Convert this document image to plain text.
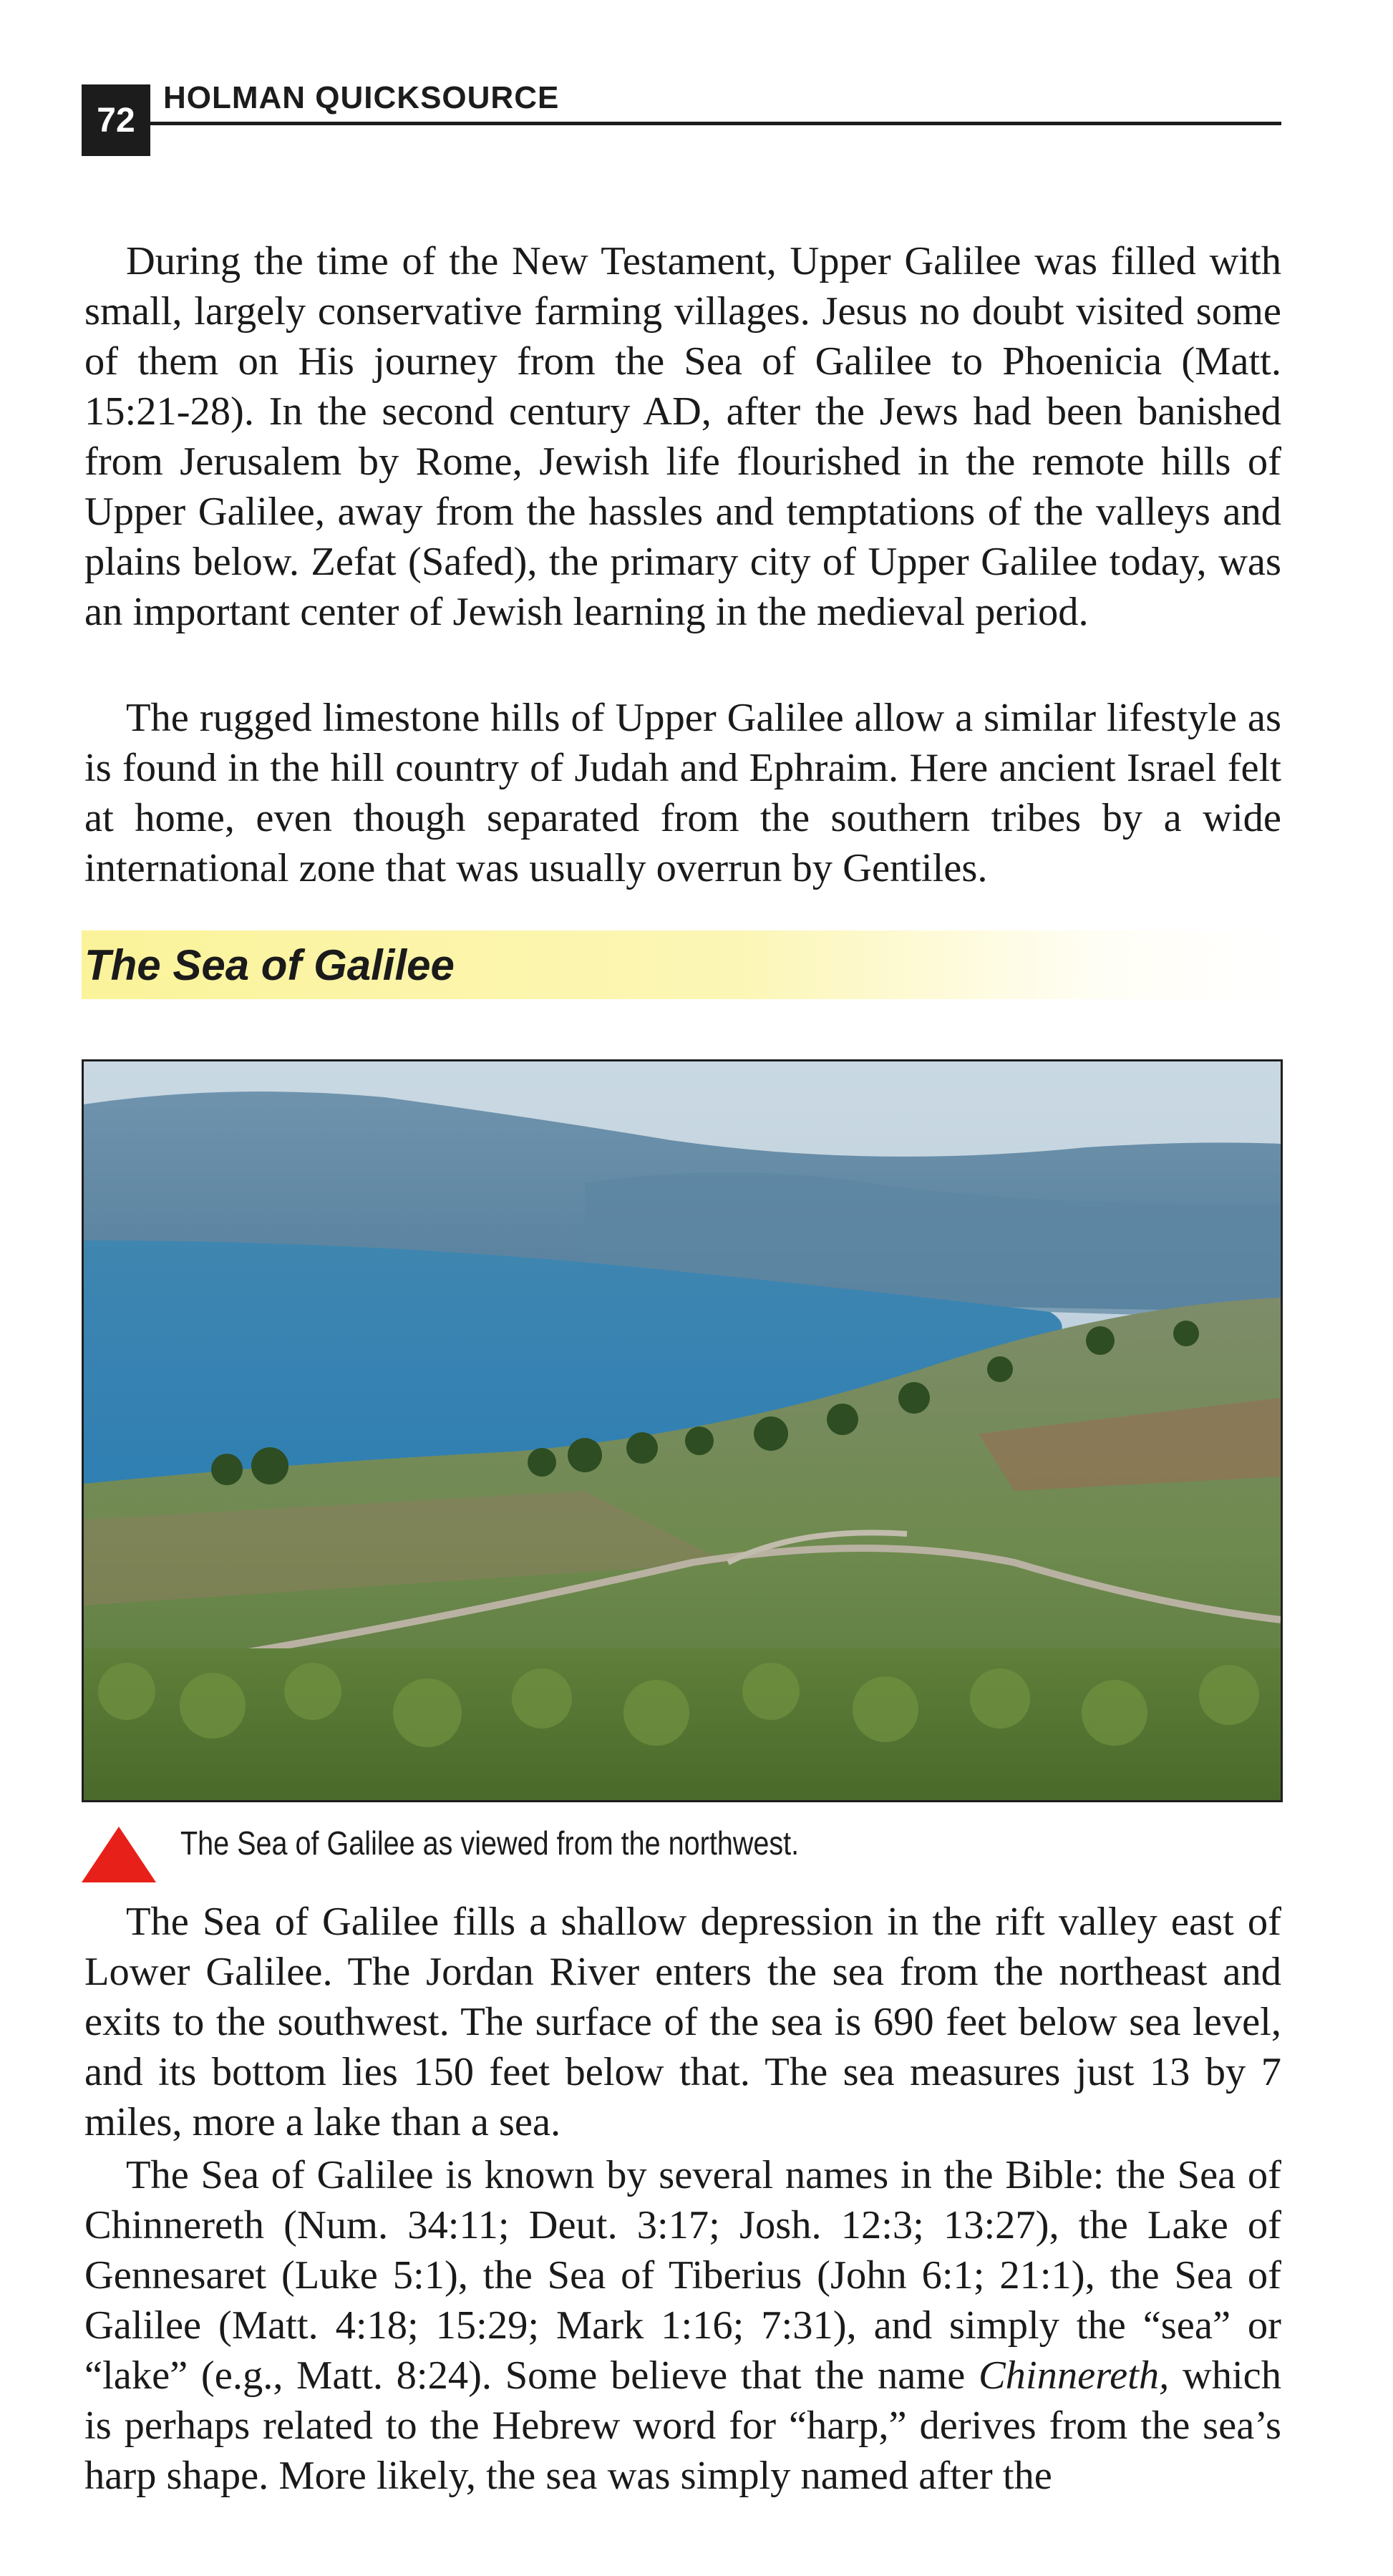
72
HOLMAN QUICKSOURCE

During the time of the New Testament, Upper Galilee was filled with small, largely conservative farming villages. Jesus no doubt visited some of them on His journey from the Sea of Galilee to Phoenicia (Matt. 15:21-28). In the second century AD, after the Jews had been banished from Jerusalem by Rome, Jewish life flourished in the remote hills of Upper Galilee, away from the hassles and temptations of the valleys and plains below. Zefat (Safed), the primary city of Upper Galilee today, was an important center of Jewish learning in the medieval period.

The rugged limestone hills of Upper Galilee allow a similar lifestyle as is found in the hill country of Judah and Ephraim. Here ancient Israel felt at home, even though separated from the southern tribes by a wide international zone that was usually overrun by Gentiles.

The Sea of Galilee
The Sea of Galilee as viewed from the northwest.

The Sea of Galilee fills a shallow depression in the rift valley east of Lower Galilee. The Jordan River enters the sea from the northeast and exits to the southwest. The surface of the sea is 690 feet below sea level, and its bottom lies 150 feet below that. The sea measures just 13 by 7 miles, more a lake than a sea.

The Sea of Galilee is known by several names in the Bible: the Sea of Chinnereth (Num. 34:11; Deut. 3:17; Josh. 12:3; 13:27), the Lake of Gennesaret (Luke 5:1), the Sea of Tiberius (John 6:1; 21:1), the Sea of Galilee (Matt. 4:18; 15:29; Mark 1:16; 7:31), and simply the “sea” or “lake” (e.g., Matt. 8:24). Some believe that the name Chinnereth, which is perhaps related to the Hebrew word for “harp,” derives from the sea’s harp shape. More likely, the sea was simply named after the
